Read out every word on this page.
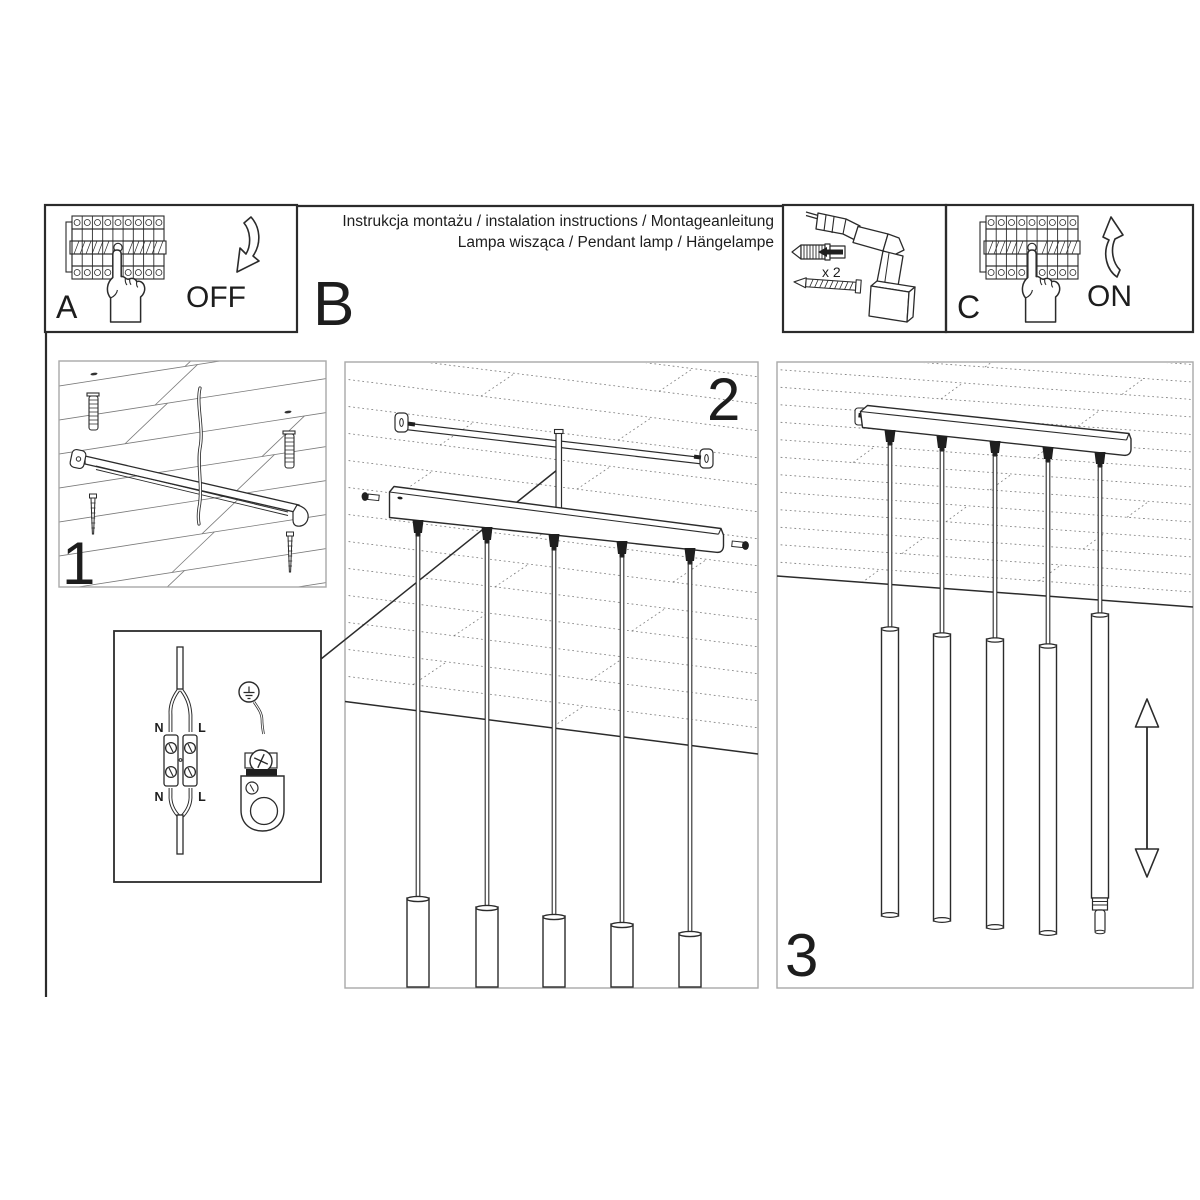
A	OFF
Instrukcja montażu / instalation instructions / Montageanleitung
Lampa wisząca / Pendant lamp / Hängelampe
B	x 2
C	ON
1
2
3
N	L
N	L
